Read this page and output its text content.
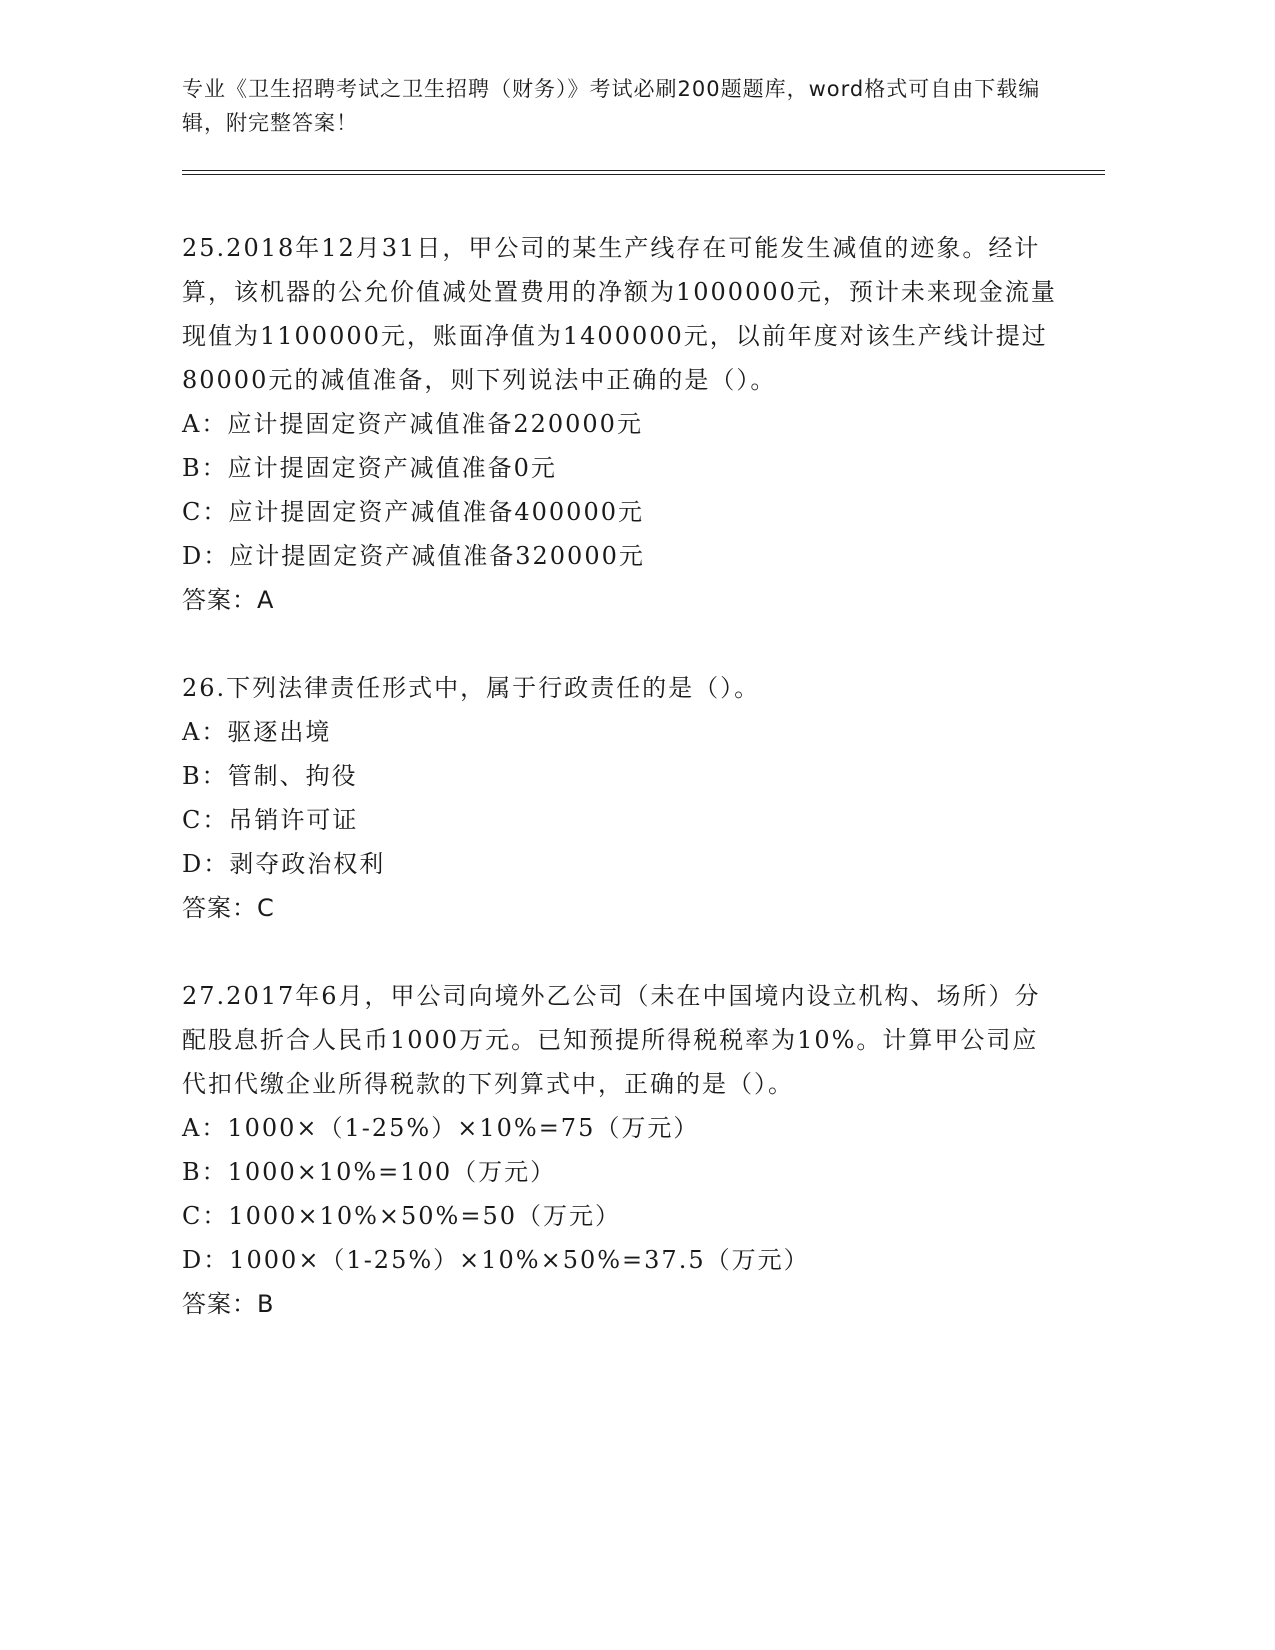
专业《卫生招聘考试之卫生招聘（财务）》考试必刷200题题库，word格式可自由下载编辑，附完整答案！

25.2018年12月31日，甲公司的某生产线存在可能发生减值的迹象。经计算，该机器的公允价值减处置费用的净额为1000000元，预计未来现金流量现值为1100000元，账面净值为1400000元，以前年度对该生产线计提过80000元的减值准备，则下列说法中正确的是（）。

A：应计提固定资产减值准备220000元

B：应计提固定资产减值准备0元

C：应计提固定资产减值准备400000元

D：应计提固定资产减值准备320000元

答案：A

26.下列法律责任形式中，属于行政责任的是（）。

A：驱逐出境

B：管制、拘役

C：吊销许可证

D：剥夺政治权利

答案：C

27.2017年6月，甲公司向境外乙公司（未在中国境内设立机构、场所）分配股息折合人民币1000万元。已知预提所得税税率为10%。计算甲公司应代扣代缴企业所得税款的下列算式中，正确的是（）。

A：1000×（1-25%）×10%=75（万元）

B：1000×10%=100（万元）

C：1000×10%×50%=50（万元）

D：1000×（1-25%）×10%×50%=37.5（万元）

答案：B
